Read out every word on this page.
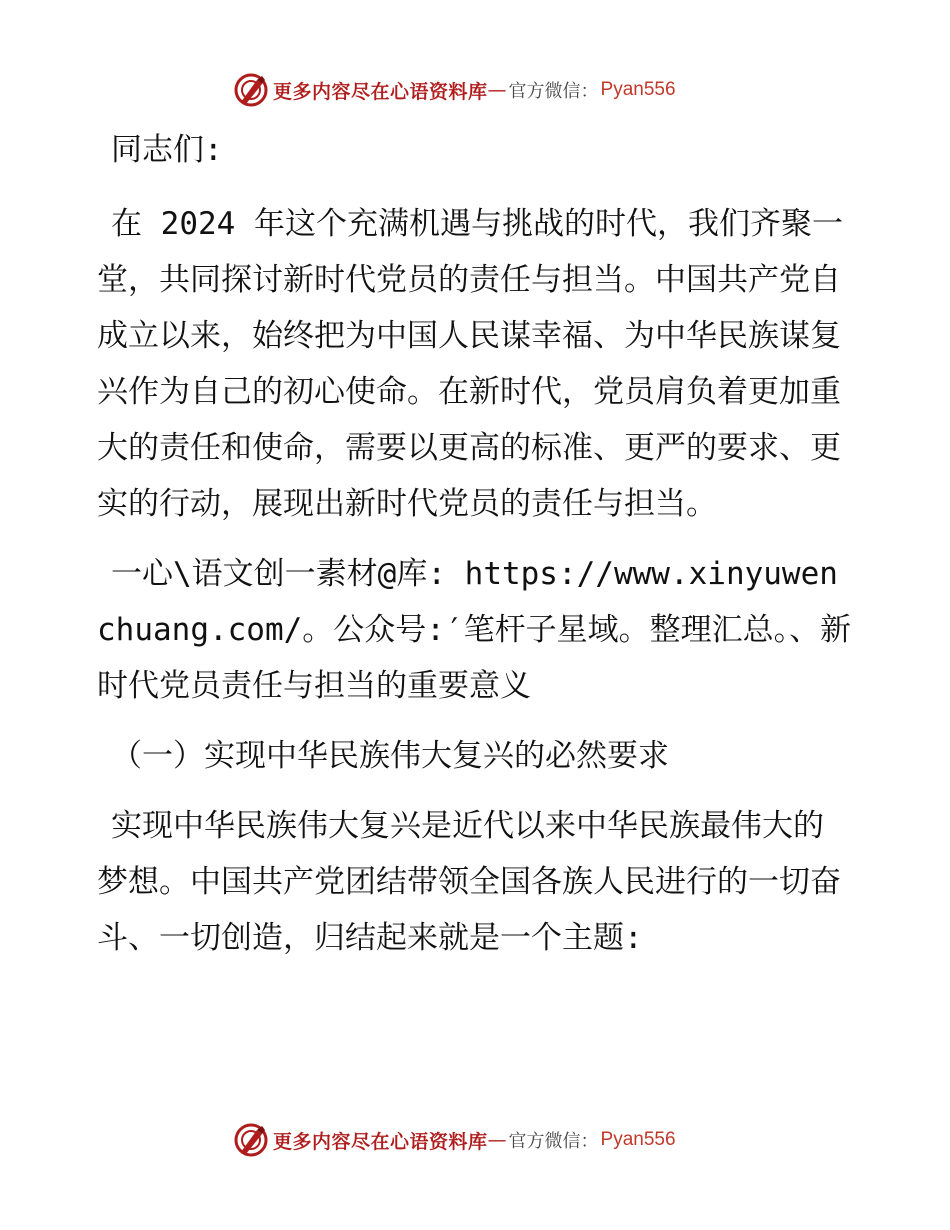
更多内容尽在心语资料库 — 官方微信： Pyan556

同志们:

在 2024 年这个充满机遇与挑战的时代，我们齐聚一堂，共同探讨新时代党员的责任与担当。中国共产党自成立以来，始终把为中国人民谋幸福、为中华民族谋复兴作为自己的初心使命。在新时代，党员肩负着更加重大的责任和使命，需要以更高的标准、更严的要求、更实的行动，展现出新时代党员的责任与担当。

一心\语文创一素材@库: https://www.xinyuwenchuang.com/。公众号:′笔杆子星域。整理汇总。、新时代党员责任与担当的重要意义

（一）实现中华民族伟大复兴的必然要求

实现中华民族伟大复兴是近代以来中华民族最伟大的梦想。中国共产党团结带领全国各族人民进行的一切奋斗、一切创造，归结起来就是一个主题:

更多内容尽在心语资料库 — 官方微信： Pyan556
